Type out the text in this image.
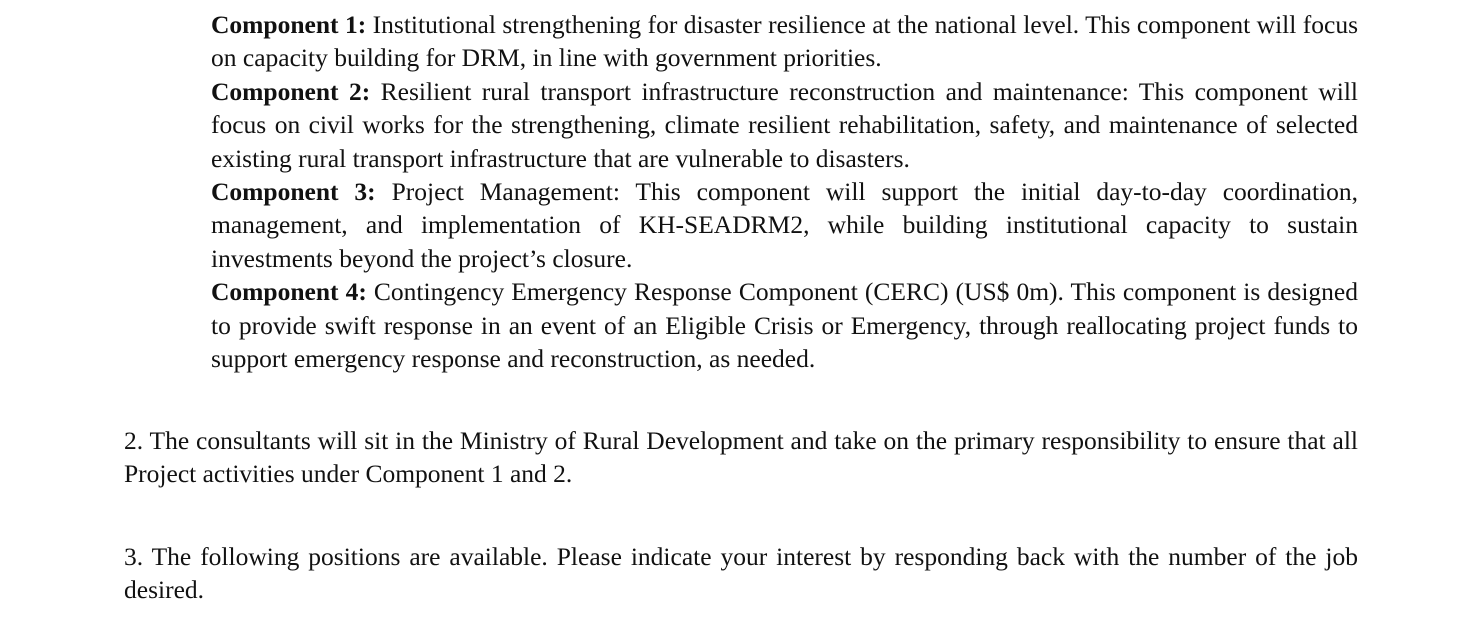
Component 1: Institutional strengthening for disaster resilience at the national level. This component will focus on capacity building for DRM, in line with government priorities.

Component 2: Resilient rural transport infrastructure reconstruction and maintenance: This component will focus on civil works for the strengthening, climate resilient rehabilitation, safety, and maintenance of selected existing rural transport infrastructure that are vulnerable to disasters.

Component 3: Project Management: This component will support the initial day-to-day coordination, management, and implementation of KH-SEADRM2, while building institutional capacity to sustain investments beyond the project’s closure.

Component 4: Contingency Emergency Response Component (CERC) (US$ 0m). This component is designed to provide swift response in an event of an Eligible Crisis or Emergency, through reallocating project funds to support emergency response and reconstruction, as needed.

2. The consultants will sit in the Ministry of Rural Development and take on the primary responsibility to ensure that all Project activities under Component 1 and 2.

3. The following positions are available. Please indicate your interest by responding back with the number of the job desired.
